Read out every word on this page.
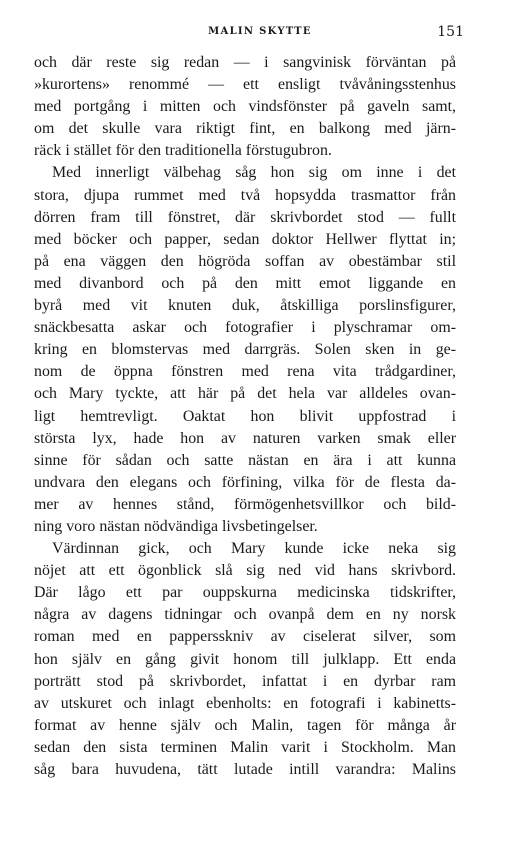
MALIN SKYTTE	151
och där reste sig redan — i sangvinisk förväntan på
»kurortens» renommé — ett ensligt tvåvåningsstenhus
med portgång i mitten och vindsfönster på gaveln samt,
om det skulle vara riktigt fint, en balkong med järn-
räck i stället för den traditionella förstugubron.
Med innerligt välbehag såg hon sig om inne i det
stora, djupa rummet med två hopsydda trasmattor från
dörren fram till fönstret, där skrivbordet stod — fullt
med böcker och papper, sedan doktor Hellwer flyttat in;
på ena väggen den högröda soffan av obestämbar stil
med divanbord och på den mitt emot liggande en
byrå med vit knuten duk, åtskilliga porslinsfigurer,
snäckbesatta askar och fotografier i plyschramar om-
kring en blomstervas med darrgräs. Solen sken in ge-
nom de öppna fönstren med rena vita trådgardiner,
och Mary tyckte, att här på det hela var alldeles ovan-
ligt hemtrevligt. Oaktat hon blivit uppfostrad i
största lyx, hade hon av naturen varken smak eller
sinne för sådan och satte nästan en ära i att kunna
undvara den elegans och förfining, vilka för de flesta da-
mer av hennes stånd, förmögenhetsvillkor och bild-
ning voro nästan nödvändiga livsbetingelser.
Värdinnan gick, och Mary kunde icke neka sig
nöjet att ett ögonblick slå sig ned vid hans skrivbord.
Där lågo ett par ouppskurna medicinska tidskrifter,
några av dagens tidningar och ovanpå dem en ny norsk
roman med en pappersskniv av ciselerat silver, som
hon själv en gång givit honom till julklapp. Ett enda
porträtt stod på skrivbordet, infattat i en dyrbar ram
av utskuret och inlagt ebenholts: en fotografi i kabinetts-
format av henne själv och Malin, tagen för många år
sedan den sista terminen Malin varit i Stockholm. Man
såg bara huvudena, tätt lutade intill varandra: Malins
